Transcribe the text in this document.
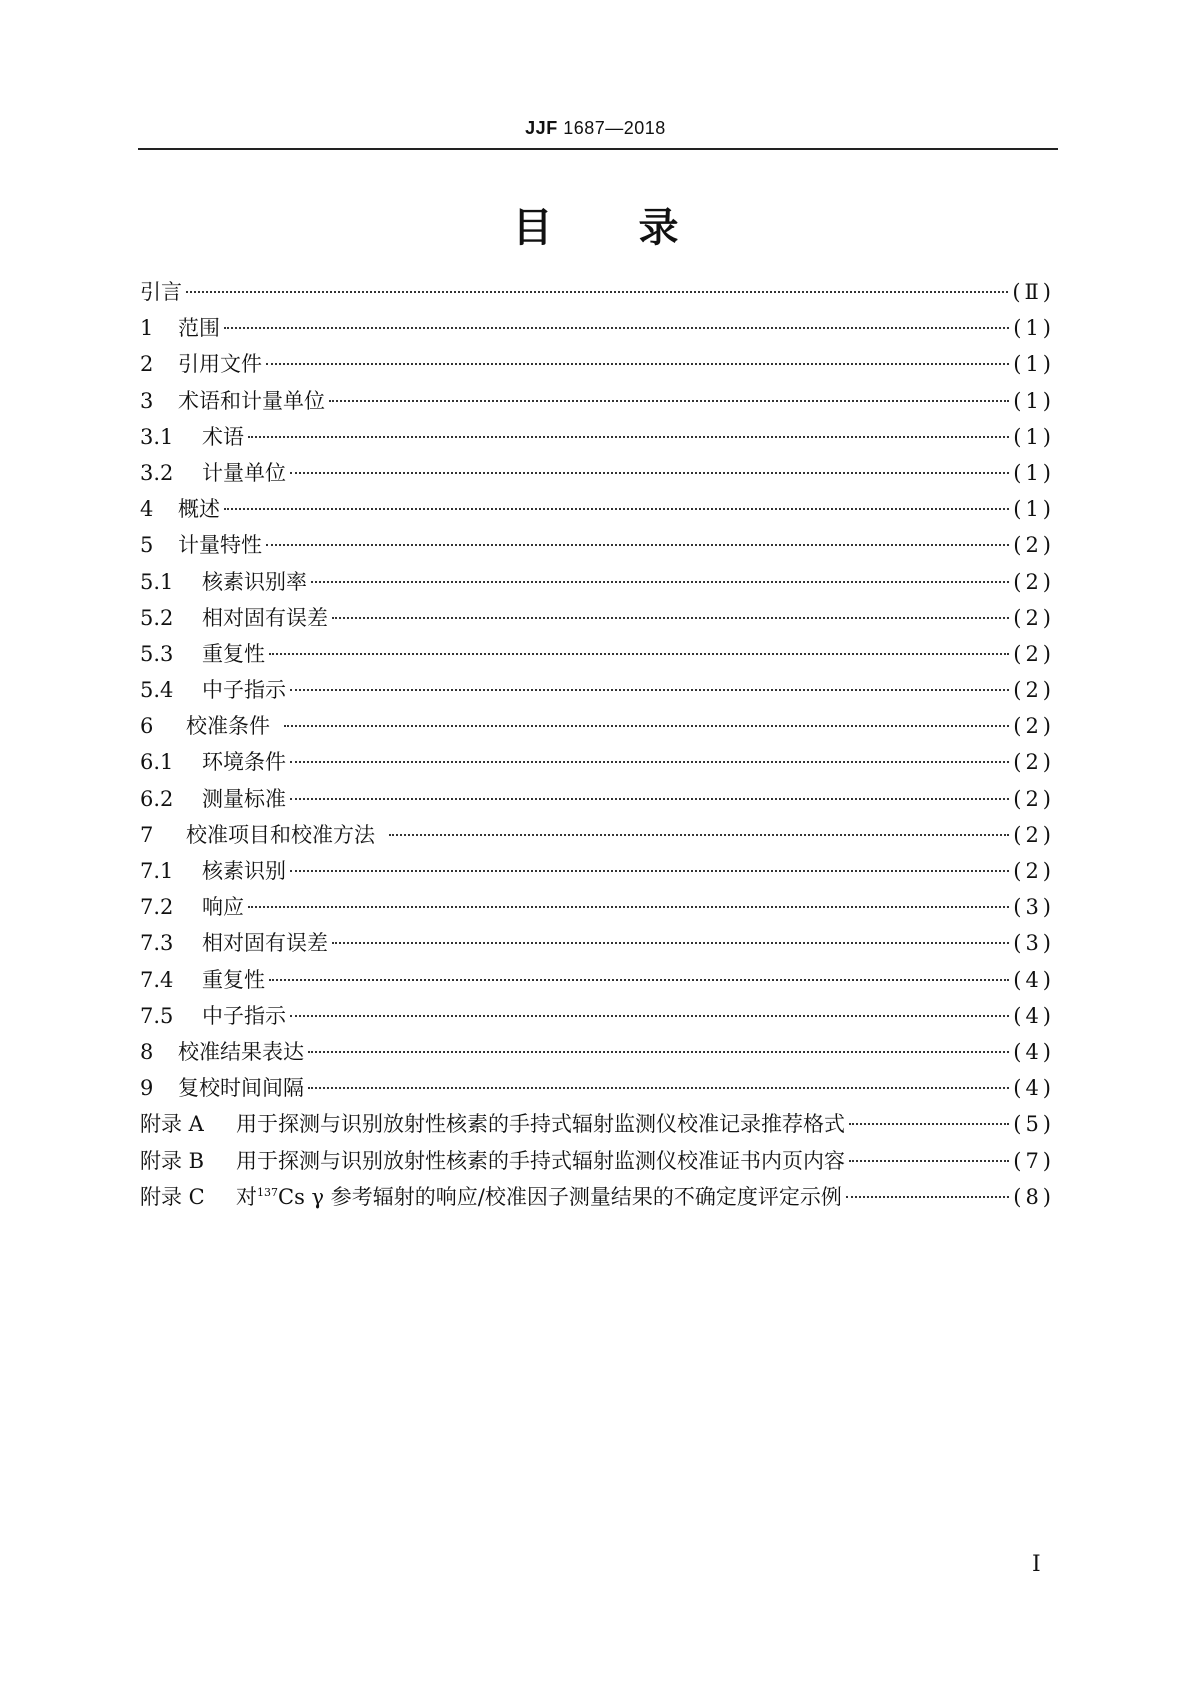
JJF 1687—2018
目 录
引言	(Ⅱ)
1	范围	(1)
2	引用文件	(1)
3	术语和计量单位	(1)
3.1	术语	(1)
3.2	计量单位	(1)
4	概述	(1)
5	计量特性	(2)
5.1	核素识别率	(2)
5.2	相对固有误差	(2)
5.3	重复性	(2)
5.4	中子指示	(2)
6	校准条件	(2)
6.1	环境条件	(2)
6.2	测量标准	(2)
7	校准项目和校准方法	(2)
7.1	核素识别	(2)
7.2	响应	(3)
7.3	相对固有误差	(3)
7.4	重复性	(4)
7.5	中子指示	(4)
8	校准结果表达	(4)
9	复校时间间隔	(4)
附录 A	用于探测与识别放射性核素的手持式辐射监测仪校准记录推荐格式	(5)
附录 B	用于探测与识别放射性核素的手持式辐射监测仪校准证书内页内容	(7)
附录 C	对$^{137}$Cs γ 参考辐射的响应/校准因子测量结果的不确定度评定示例	(8)
I
